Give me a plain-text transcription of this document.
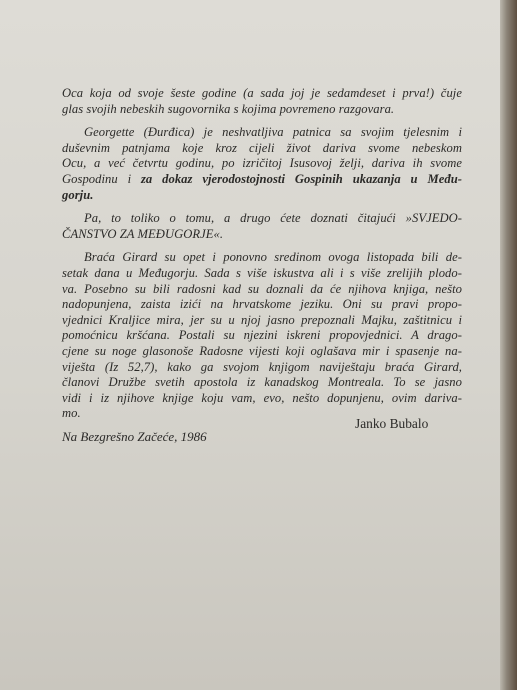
Oca koja od svoje šeste godine (a sada joj je sedamdeset i prva!) čuje
glas svojih nebeskih sugovornika s kojima povremeno razgovara.
Georgette (Đurđica) je neshvatljiva patnica sa svojim tjelesnim i
duševnim patnjama koje kroz cijeli život dariva svome nebeskom
Ocu, a već četvrtu godinu, po izričitoj Isusovoj želji, dariva ih svome
Gospodinu i za dokaz vjerodostojnosti Gospinih ukazanja u Među-
gorju.
Pa, to toliko o tomu, a drugo ćete doznati čitajući »SVJEDO-
ČANSTVO ZA MEĐUGORJE«.
Braća Girard su opet i ponovno sredinom ovoga listopada bili de-
setak dana u Međugorju. Sada s više iskustva ali i s više zrelijih plodo-
va. Posebno su bili radosni kad su doznali da će njihova knjiga, nešto
nadopunjena, zaista izići na hrvatskome jeziku. Oni su pravi propo-
vjednici Kraljice mira, jer su u njoj jasno prepoznali Majku, zaštitnicu i
pomoćnicu kršćana. Postali su njezini iskreni propovjednici. A drago-
cjene su noge glasonoše Radosne vijesti koji oglašava mir i spasenje na-
viješta (Iz 52,7), kako ga svojom knjigom naviještaju braća Girard,
članovi Družbe svetih apostola iz kanadskog Montreala. To se jasno
vidi i iz njihove knjige koju vam, evo, nešto dopunjenu, ovim darivа-
mo.
Janko Bubalo
Na Bezgrešno Začeće, 1986
